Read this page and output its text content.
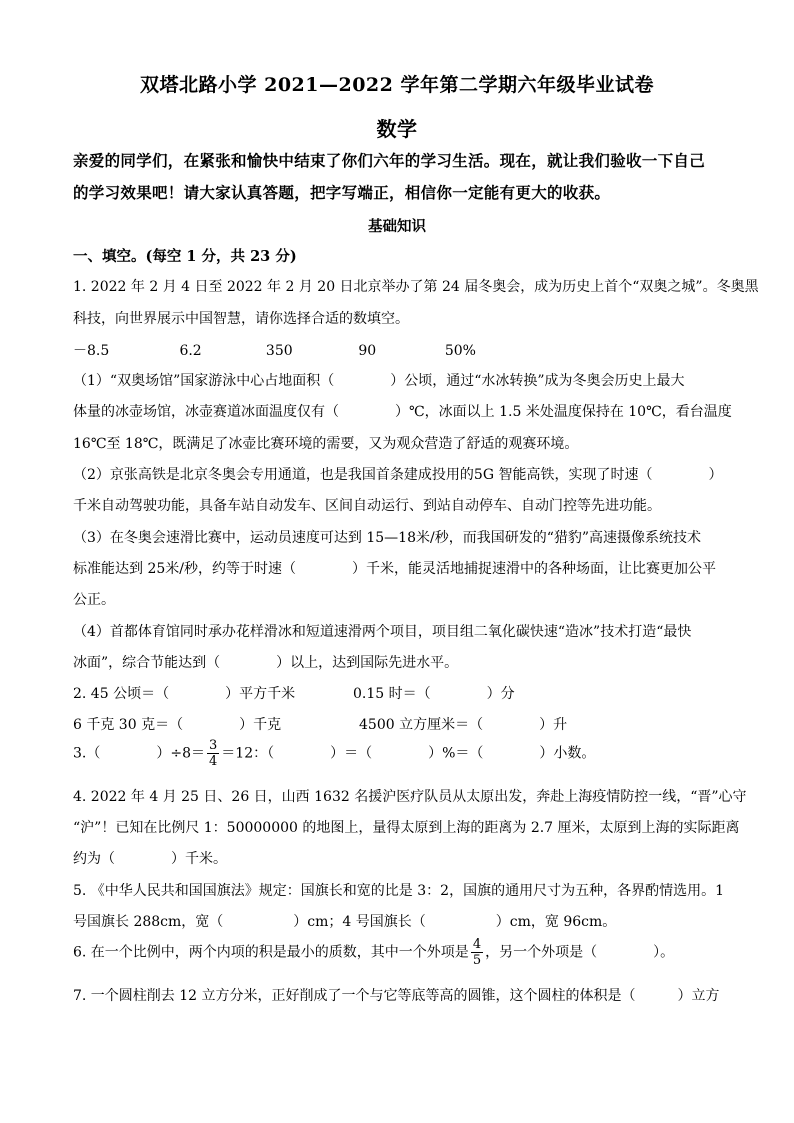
双塔北路小学 2021—2022 学年第二学期六年级毕业试卷
数学
亲爱的同学们，在紧张和愉快中结束了你们六年的学习生活。现在，就让我们验收一下自己
的学习效果吧！请大家认真答题，把字写端正，相信你一定能有更大的收获。
基础知识
一、填空。(每空 1 分，共 23 分)
1. 2022 年 2 月 4 日至 2022 年 2 月 20 日北京举办了第 24 届冬奥会，成为历史上首个“双奥之城”。冬奥黑
科技，向世界展示中国智慧，请你选择合适的数填空。
－8.5	6.2	350	90	50%
（1）“双奥场馆”国家游泳中心占地面积（　　　　）公顷，通过“水冰转换”成为冬奥会历史上最大
体量的冰壶场馆，冰壶赛道冰面温度仅有（　　　　）℃，冰面以上 1.5 米处温度保持在 10℃，看台温度
16℃至 18℃，既满足了冰壶比赛环境的需要，又为观众营造了舒适的观赛环境。
（2）京张高铁是北京冬奥会专用通道，也是我国首条建成投用的5G 智能高铁，实现了时速（　　　　）
千米自动驾驶功能，具备车站自动发车、区间自动运行、到站自动停车、自动门控等先进功能。
（3）在冬奥会速滑比赛中，运动员速度可达到 15—18米/秒，而我国研发的“猎豹”高速摄像系统技术
标准能达到 25米/秒，约等于时速（　　　　）千米，能灵活地捕捉速滑中的各种场面，让比赛更加公平
公正。
（4）首都体育馆同时承办花样滑冰和短道速滑两个项目，项目组二氧化碳快速“造冰”技术打造“最快
冰面”，综合节能达到（　　　　）以上，达到国际先进水平。
2. 45 公顷＝（　　　　）平方千米	0.15 时＝（　　　　）分
6 千克 30 克＝（　　　　）千克	4500 立方厘米＝（　　　　）升
3.（　　　　）$\div 8= \frac{3}{4} =12$：（　　　　）＝（　　　　）%＝（　　　　）小数。
4. 2022 年 4 月 25 日、26 日，山西 1632 名援沪医疗队员从太原出发，奔赴上海疫情防控一线，“晋”心守
“沪”！已知在比例尺 1：50000000 的地图上，量得太原到上海的距离为 2.7 厘米，太原到上海的实际距离
约为（　　　　）千米。
5. 《中华人民共和国国旗法》规定：国旗长和宽的比是 3：2，国旗的通用尺寸为五种，各界酌情选用。1
号国旗长 288cm，宽（　　　　　）cm；4 号国旗长（　　　　　）cm，宽 96cm。
6. 在一个比例中，两个内项的积是最小的质数，其中一个外项是 $\frac{4}{5}$ ，另一个外项是（　　　　）。
7. 一个圆柱削去 12 立方分米，正好削成了一个与它等底等高的圆锥，这个圆柱的体积是（　　　）立方
